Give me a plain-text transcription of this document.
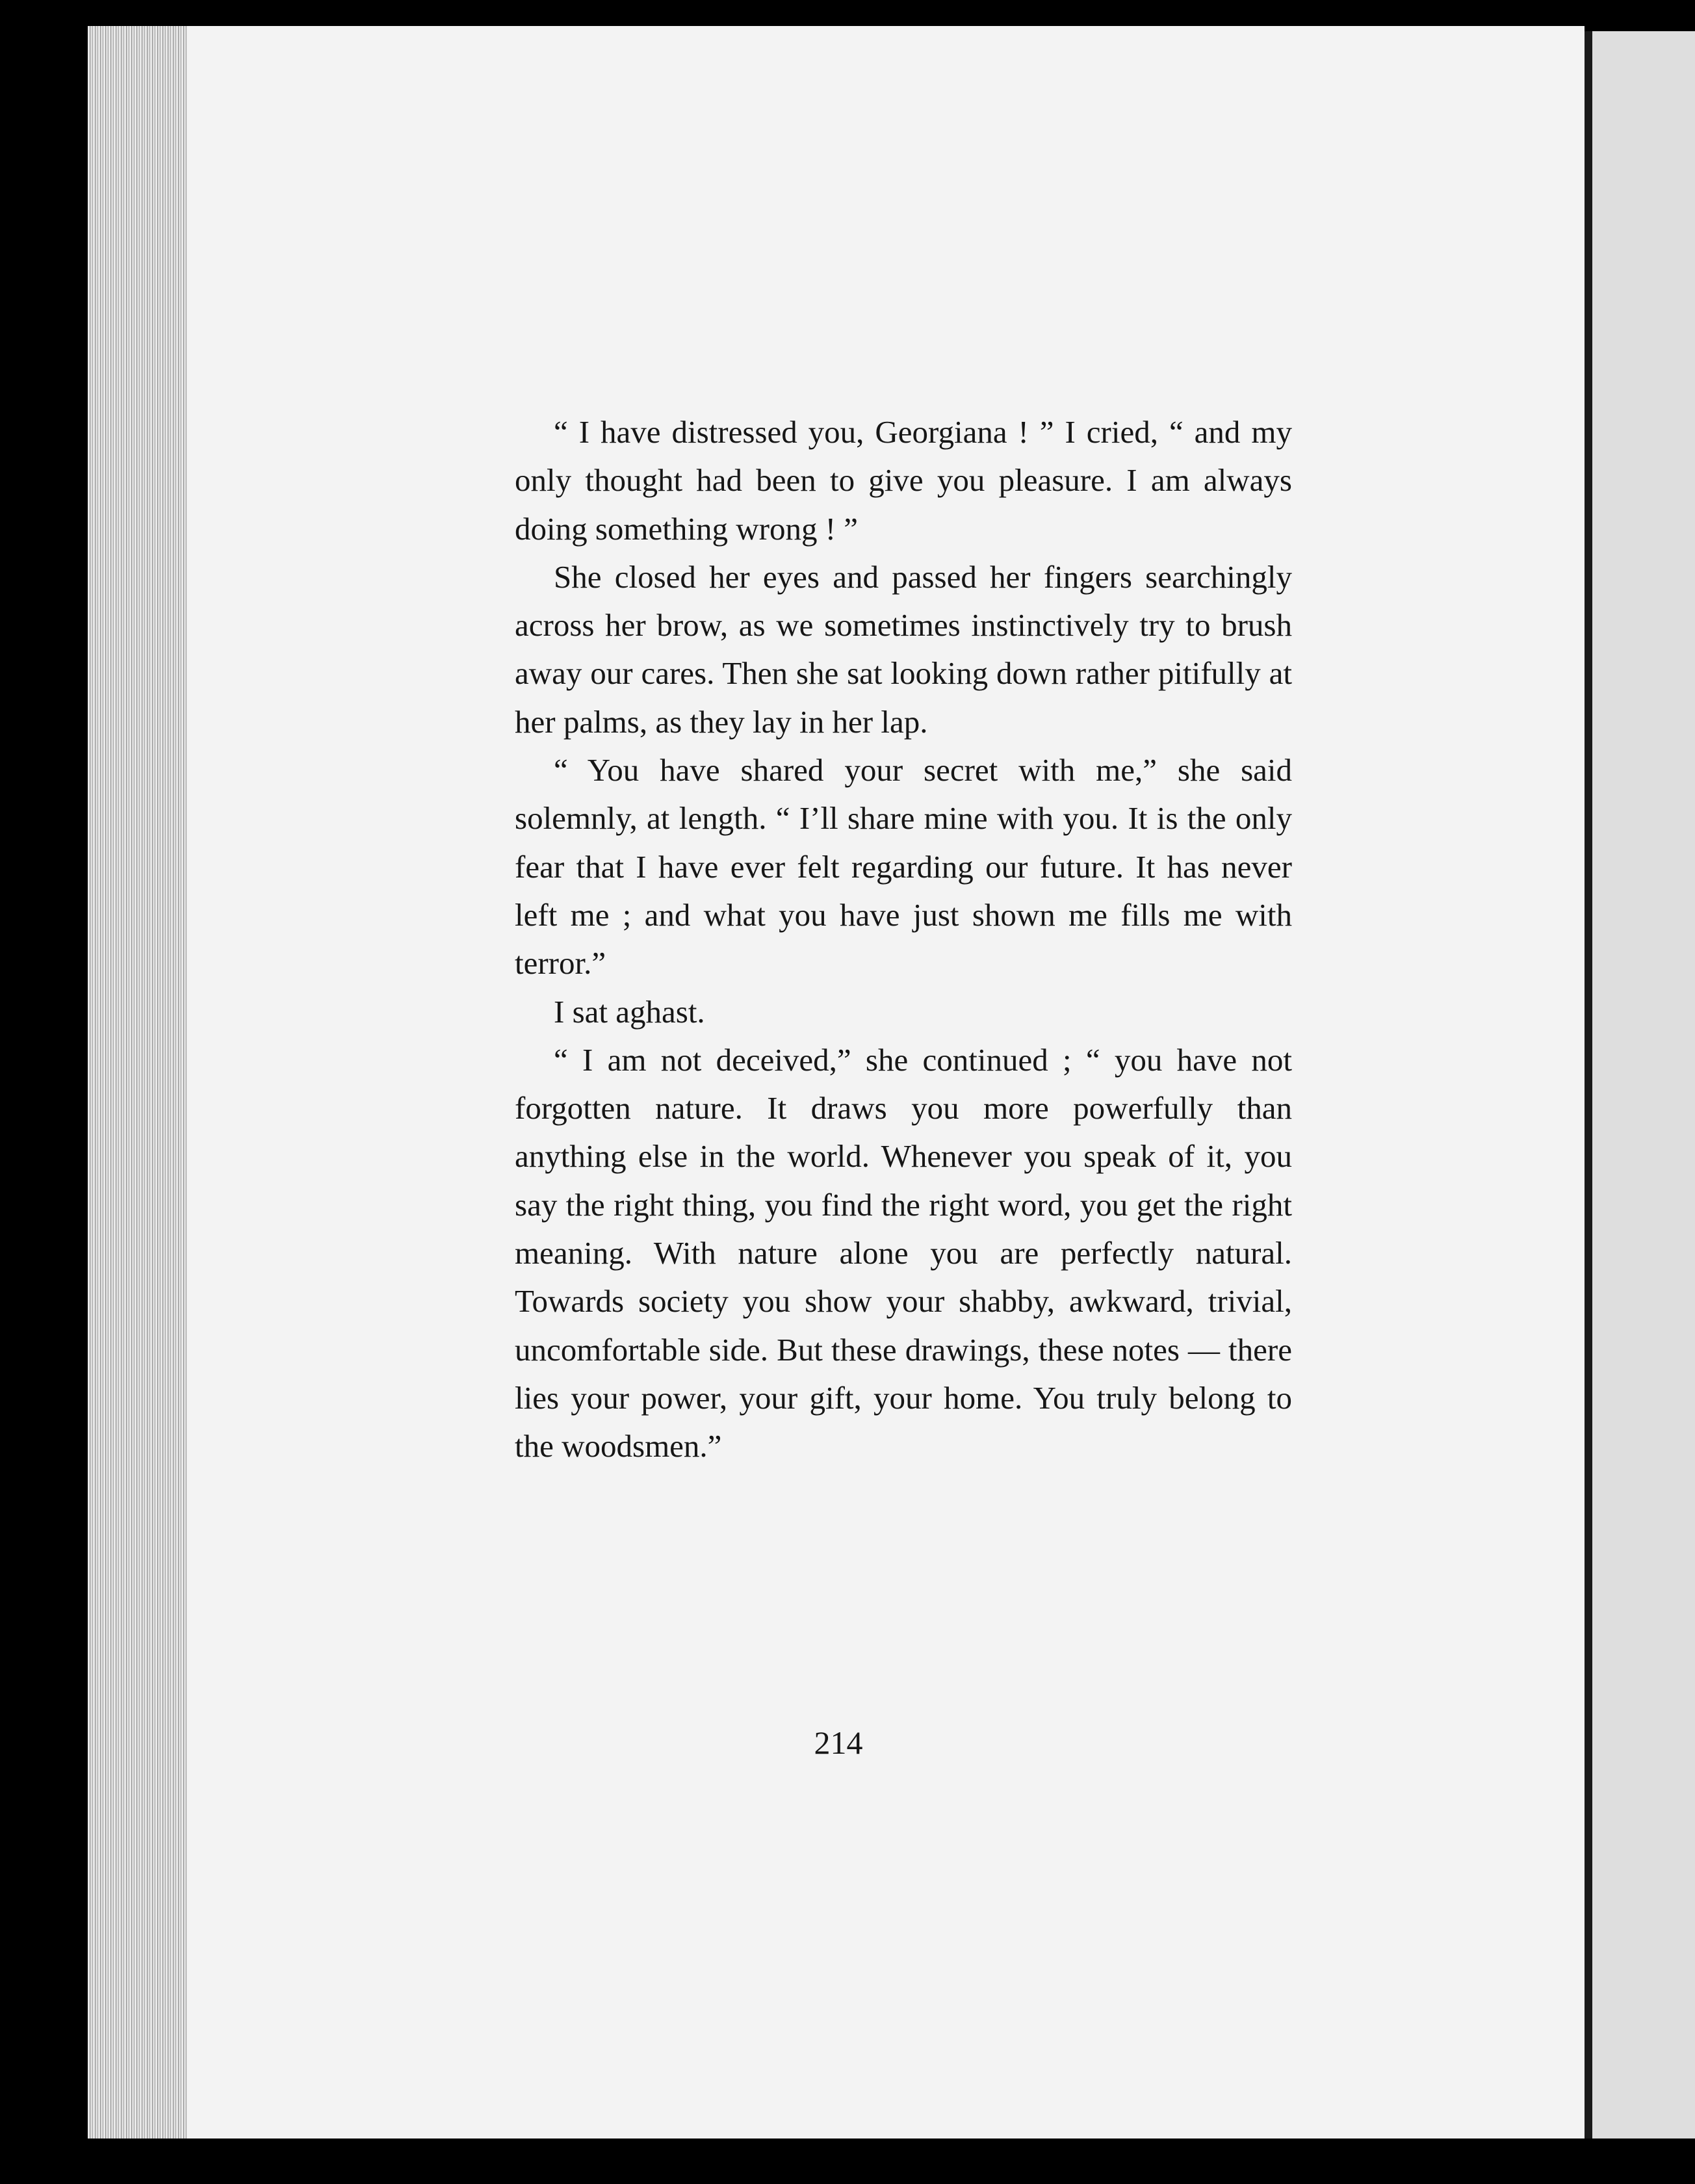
“ I have distressed you, Georgiana ! ” I cried, “ and my only thought had been to give you pleasure. I am always doing something wrong ! ”

She closed her eyes and passed her fingers searchingly across her brow, as we sometimes instinctively try to brush away our cares. Then she sat looking down rather pitifully at her palms, as they lay in her lap.

“ You have shared your secret with me,” she said solemnly, at length. “ I’ll share mine with you. It is the only fear that I have ever felt regarding our future. It has never left me ; and what you have just shown me fills me with terror.”

I sat aghast.

“ I am not deceived,” she continued ; “ you have not forgotten nature. It draws you more powerfully than anything else in the world. Whenever you speak of it, you say the right thing, you find the right word, you get the right meaning. With nature alone you are perfectly natural. Towards society you show your shabby, awkward, trivial, uncomfortable side. But these drawings, these notes — there lies your power, your gift, your home. You truly belong to the woodsmen.”

214
